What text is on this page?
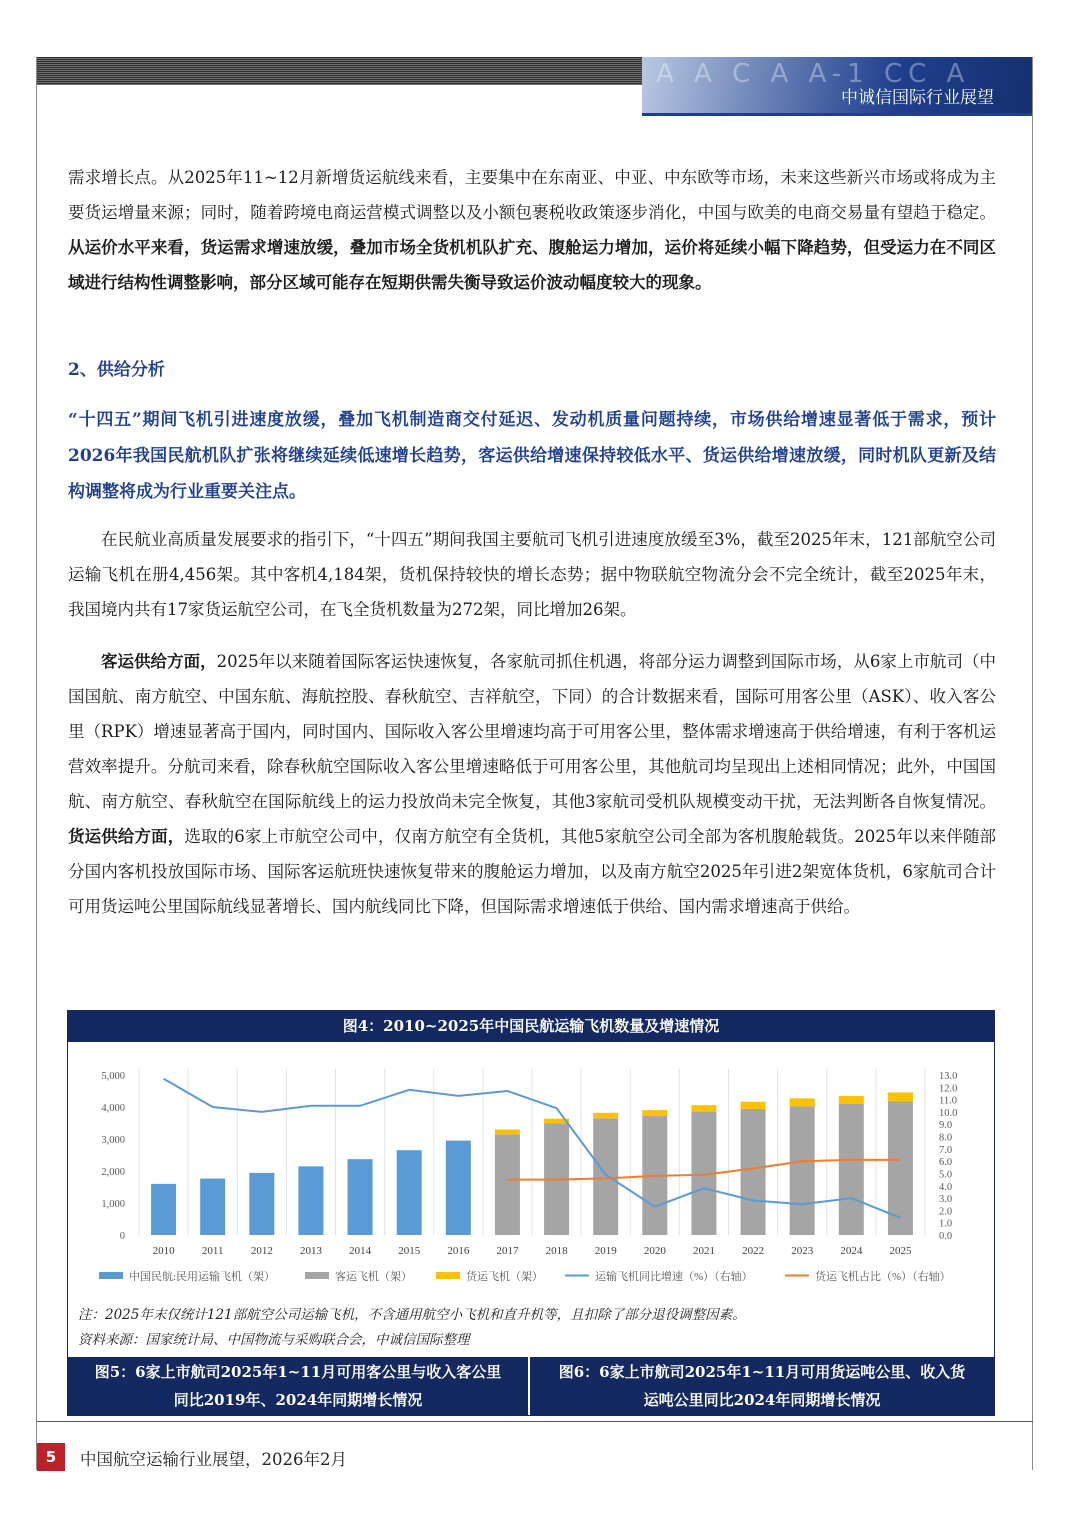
A A C A A-1 CC A
中诚信国际行业展望

需求增长点。从2025年11~12月新增货运航线来看，主要集中在东南亚、中亚、中东欧等市场，未来这些新兴市场或将成为主要货运增量来源；同时，随着跨境电商运营模式调整以及小额包裹税收政策逐步消化，中国与欧美的电商交易量有望趋于稳定。从运价水平来看，货运需求增速放缓，叠加市场全货机机队扩充、腹舱运力增加，运价将延续小幅下降趋势，但受运力在不同区域进行结构性调整影响，部分区域可能存在短期供需失衡导致运价波动幅度较大的现象。

2、供给分析

“十四五”期间飞机引进速度放缓，叠加飞机制造商交付延迟、发动机质量问题持续，市场供给增速显著低于需求，预计2026年我国民航机队扩张将继续延续低速增长趋势，客运供给增速保持较低水平、货运供给增速放缓，同时机队更新及结构调整将成为行业重要关注点。

在民航业高质量发展要求的指引下，“十四五”期间我国主要航司飞机引进速度放缓至3%，截至2025年末，121部航空公司运输飞机在册4,456架。其中客机4,184架，货机保持较快的增长态势；据中物联航空物流分会不完全统计，截至2025年末，我国境内共有17家货运航空公司，在飞全货机数量为272架，同比增加26架。

客运供给方面，2025年以来随着国际客运快速恢复，各家航司抓住机遇，将部分运力调整到国际市场，从6家上市航司（中国国航、南方航空、中国东航、海航控股、春秋航空、吉祥航空，下同）的合计数据来看，国际可用客公里（ASK）、收入客公里（RPK）增速显著高于国内，同时国内、国际收入客公里增速均高于可用客公里，整体需求增速高于供给增速，有利于客机运营效率提升。分航司来看，除春秋航空国际收入客公里增速略低于可用客公里，其他航司均呈现出上述相同情况；此外，中国国航、南方航空、春秋航空在国际航线上的运力投放尚未完全恢复，其他3家航司受机队规模变动干扰，无法判断各自恢复情况。货运供给方面，选取的6家上市航空公司中，仅南方航空有全货机，其他5家航空公司全部为客机腹舱载货。2025年以来伴随部分国内客机投放国际市场、国际客运航班快速恢复带来的腹舱运力增加，以及南方航空2025年引进2架宽体货机，6家航司合计可用货运吨公里国际航线显著增长、国内航线同比下降，但国际需求增速低于供给、国内需求增速高于供给。

图4：2010~2025年中国民航运输飞机数量及增速情况
0
1,000
2,000
3,000
4,000
5,000
0.0
1.0
2.0
3.0
4.0
5.0
6.0
7.0
8.0
9.0
10.0
11.0
12.0
13.0
2010 2011 2012 2013 2014 2015 2016 2017 2018 2019 2020 2021 2022 2023 2024 2025
中国民航:民用运输飞机（架）	客运飞机（架）	货运飞机（架）	运输飞机同比增速（%）（右轴）	货运飞机占比（%）（右轴）
注：2025年末仅统计121部航空公司运输飞机，不含通用航空小飞机和直升机等，且扣除了部分退役调整因素。
资料来源：国家统计局、中国物流与采购联合会，中诚信国际整理
图5：6家上市航司2025年1~11月可用客公里与收入客公里
同比2019年、2024年同期增长情况
图6：6家上市航司2025年1~11月可用货运吨公里、收入货
运吨公里同比2024年同期增长情况
5	中国航空运输行业展望，2026年2月
